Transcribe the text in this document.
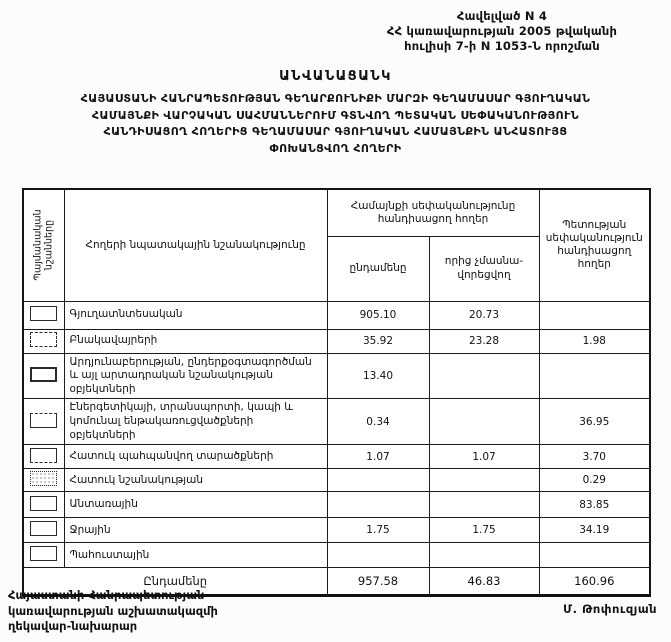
Հավելված N 4
ՀՀ կառավարության 2005 թվականի
հուլիսի 7-ի N 1053-Ն որոշման
ԱՆՎԱՆԱՑԱՆԿ
ՀԱՅԱՍՏԱՆԻ ՀԱՆՐԱՊԵՏՈՒԹՅԱՆ ԳԵՂԱՐՔՈՒՆԻՔԻ ՄԱՐԶԻ ԳԵՂԱՄԱՍԱՐ ԳՅՈՒՂԱԿԱՆ
ՀԱՄԱՅՆՔԻ ՎԱՐՉԱԿԱՆ ՍԱՀՄԱՆՆԵՐՈՒՄ ԳՏՆՎՈՂ ՊԵՏԱԿԱՆ ՍԵՓԱԿԱՆՈՒԹՅՈՒՆ
ՀԱՆԴԻՍԱՑՈՂ ՀՈՂԵՐԻՑ ԳԵՂԱՄԱՍԱՐ ԳՅՈՒՂԱԿԱՆ ՀԱՄԱՅՆՔԻՆ ԱՆՀԱՏՈՒՅՑ
ՓՈԽԱՆՑՎՈՂ ՀՈՂԵՐԻ
Պայմանական նշանները	Հողերի նպատակային նշանակությունը	Համայնքի սեփականությունը հանդիսացող հողեր		Պետության սեփականություն հանդիսացող հողեր
		ընդամենը	որից չմասնա-վորեցվող	
	Գյուղատնտեսական	905.10	20.73	
	Բնակավայրերի	35.92	23.28	1.98
	Արդյունաբերության, ընդերքօգտագործման և այլ արտադրական նշանակության օբյեկտների	13.40		
	Էներգետիկայի, տրանսպորտի, կապի և կոմունալ ենթակառուցվածքների օբյեկտների	0.34		36.95
	Հատուկ պահպանվող տարածքների	1.07	1.07	3.70
	Հատուկ նշանակության			0.29
	Անտառային			83.85
	Ջրային	1.75	1.75	34.19
	Պահուստային			
Ընդամենը		957.58	46.83	160.96
Հայաստանի Հանրապետության
կառավարության աշխատակազմի
ղեկավար-նախարար
Մ. Թոփուզյան
